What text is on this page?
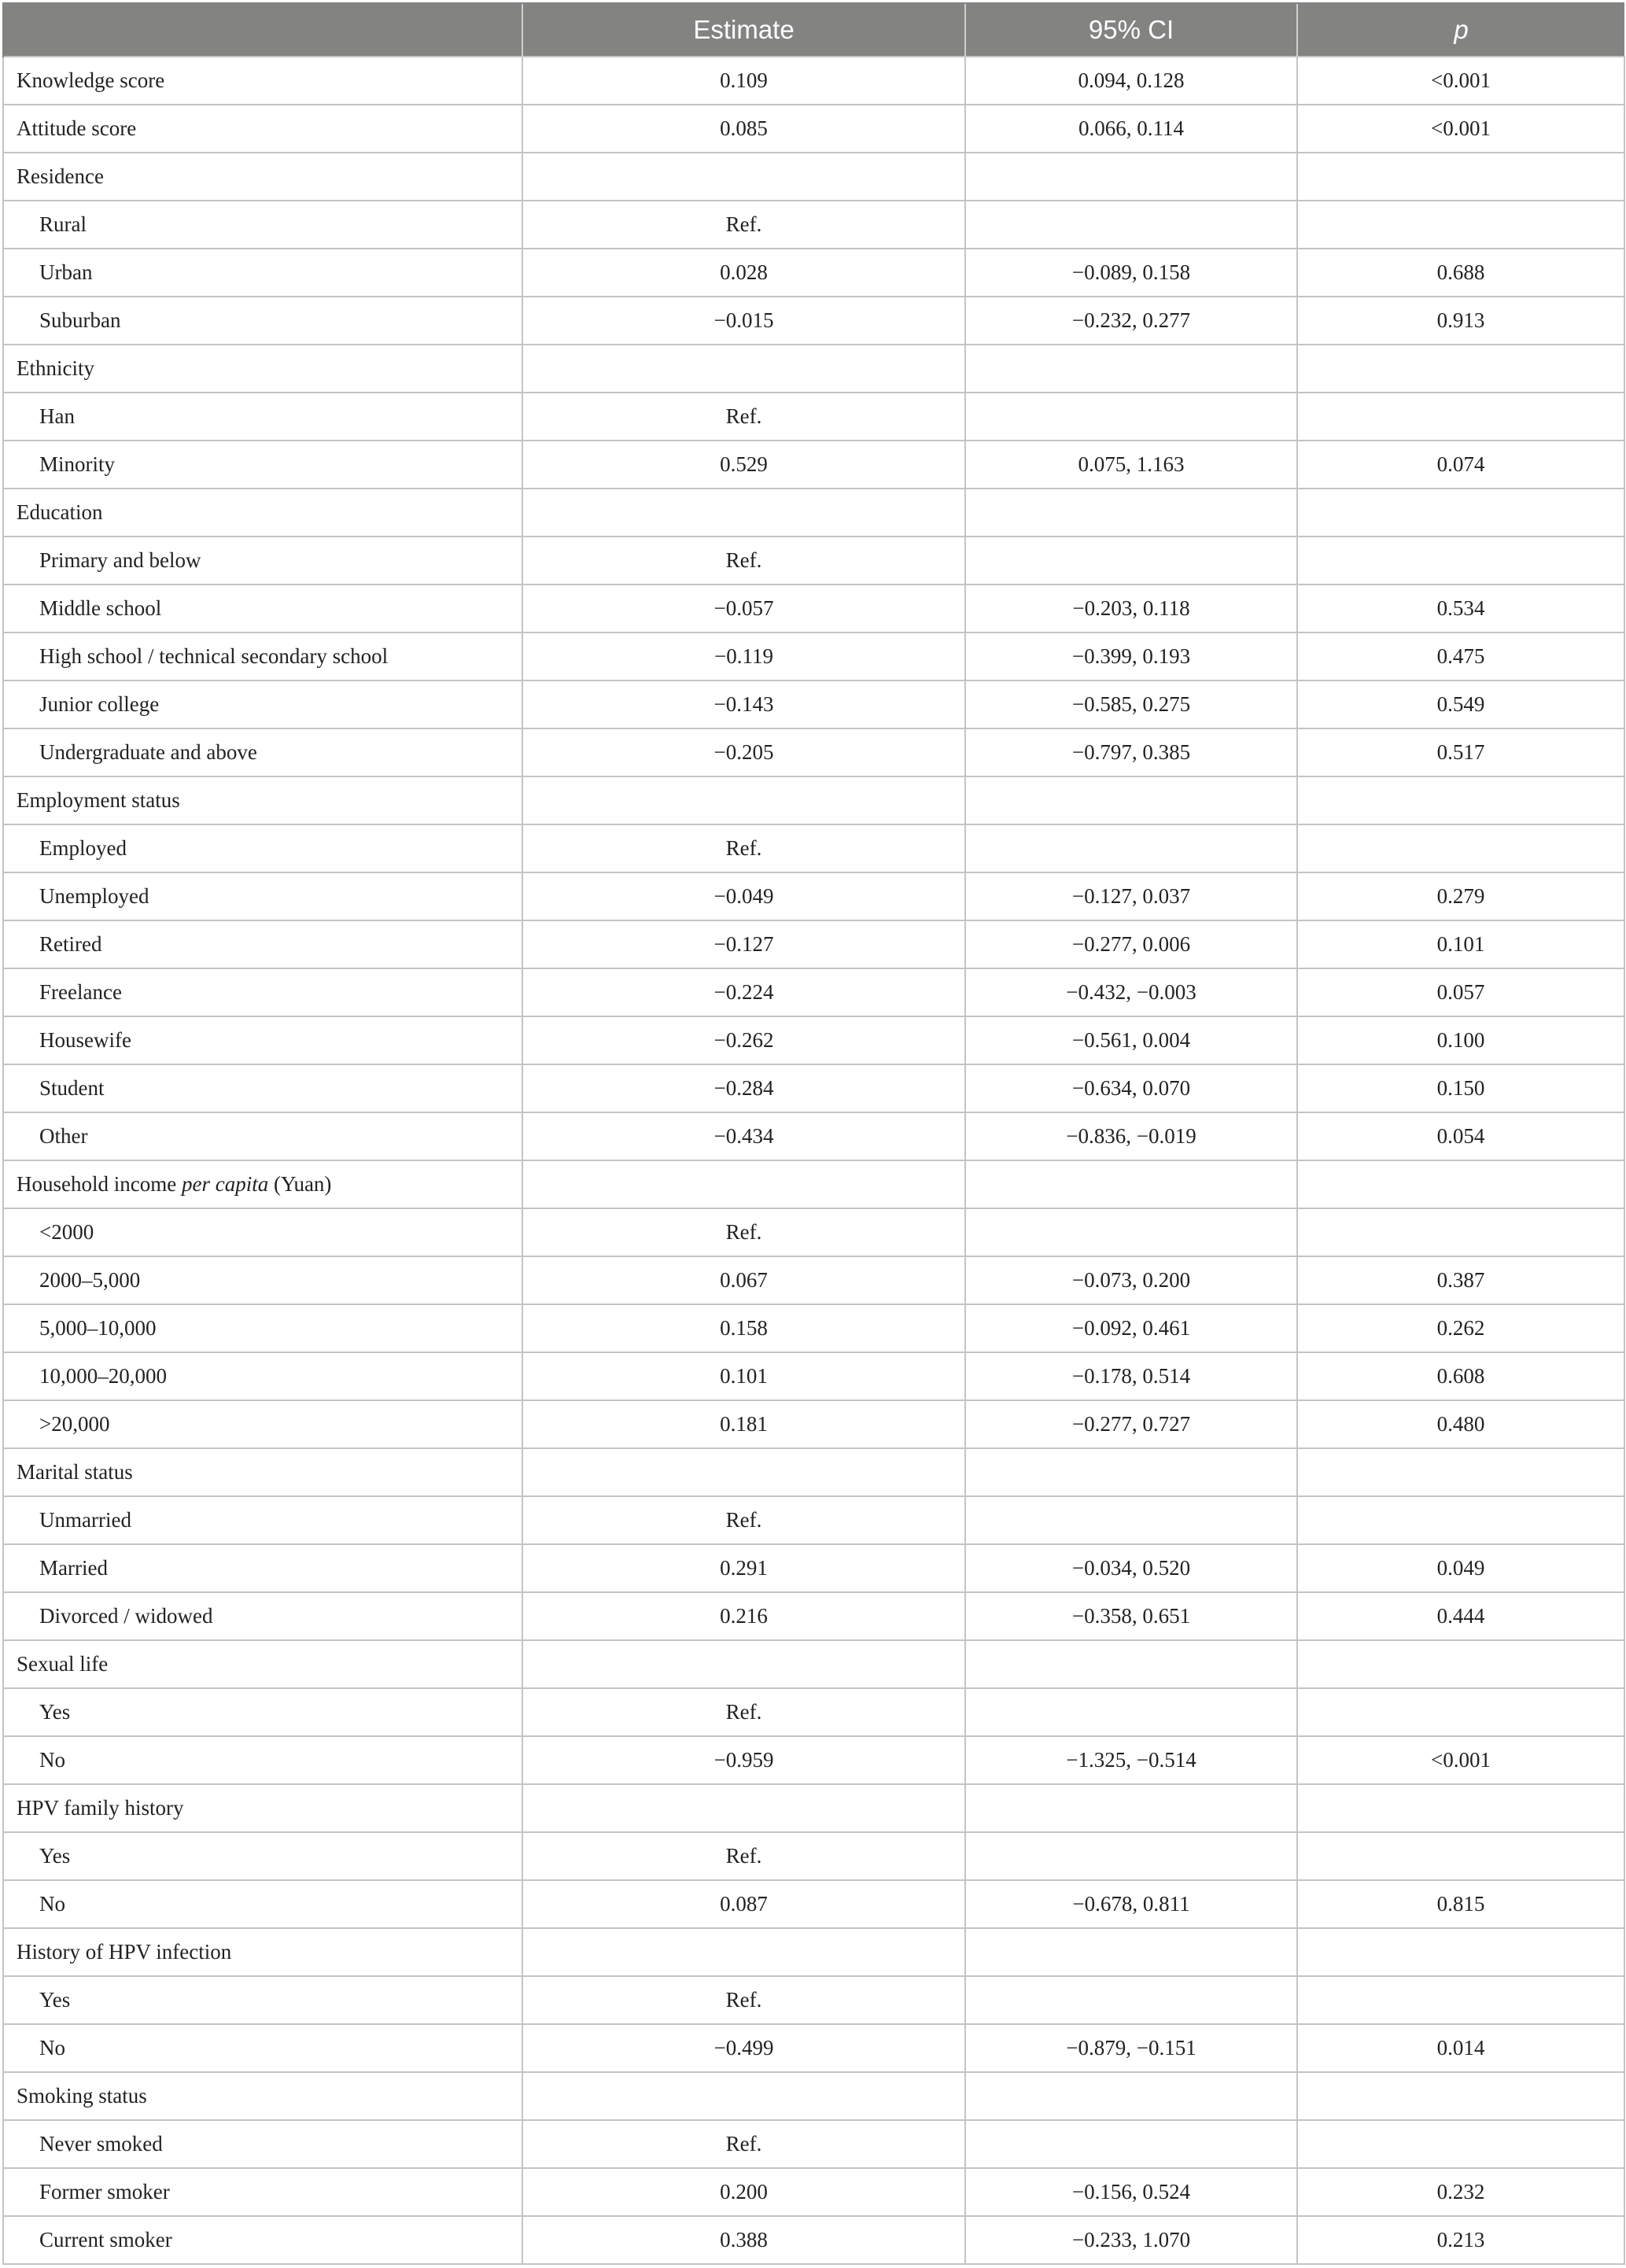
	Estimate	95% CI	p
Knowledge score	0.109	0.094, 0.128	<0.001
Attitude score	0.085	0.066, 0.114	<0.001
Residence			
Rural	Ref.		
Urban	0.028	−0.089, 0.158	0.688
Suburban	−0.015	−0.232, 0.277	0.913
Ethnicity			
Han	Ref.		
Minority	0.529	0.075, 1.163	0.074
Education			
Primary and below	Ref.		
Middle school	−0.057	−0.203, 0.118	0.534
High school / technical secondary school	−0.119	−0.399, 0.193	0.475
Junior college	−0.143	−0.585, 0.275	0.549
Undergraduate and above	−0.205	−0.797, 0.385	0.517
Employment status			
Employed	Ref.		
Unemployed	−0.049	−0.127, 0.037	0.279
Retired	−0.127	−0.277, 0.006	0.101
Freelance	−0.224	−0.432, −0.003	0.057
Housewife	−0.262	−0.561, 0.004	0.100
Student	−0.284	−0.634, 0.070	0.150
Other	−0.434	−0.836, −0.019	0.054
Household income per capita (Yuan)			
<2000	Ref.		
2000–5,000	0.067	−0.073, 0.200	0.387
5,000–10,000	0.158	−0.092, 0.461	0.262
10,000–20,000	0.101	−0.178, 0.514	0.608
>20,000	0.181	−0.277, 0.727	0.480
Marital status			
Unmarried	Ref.		
Married	0.291	−0.034, 0.520	0.049
Divorced / widowed	0.216	−0.358, 0.651	0.444
Sexual life			
Yes	Ref.		
No	−0.959	−1.325, −0.514	<0.001
HPV family history			
Yes	Ref.		
No	0.087	−0.678, 0.811	0.815
History of HPV infection			
Yes	Ref.		
No	−0.499	−0.879, −0.151	0.014
Smoking status			
Never smoked	Ref.		
Former smoker	0.200	−0.156, 0.524	0.232
Current smoker	0.388	−0.233, 1.070	0.213
